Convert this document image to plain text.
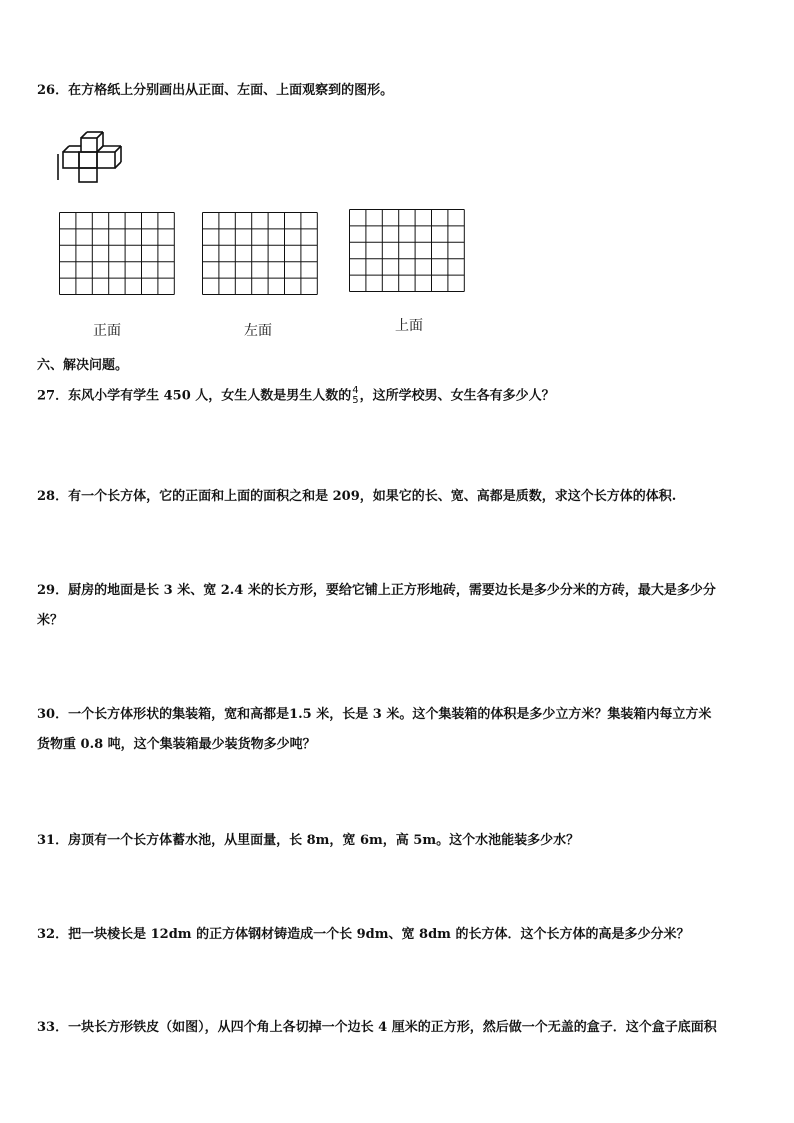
26．在方格纸上分别画出从正面、左面、上面观察到的图形。
正面	左面	上面
六、解决问题。
27．东风小学有学生 450 人，女生人数是男生人数的 4
5 ，这所学校男、女生各有多少人？
28．有一个长方体，它的正面和上面的面积之和是 209，如果它的长、宽、高都是质数，求这个长方体的体积.
29．厨房的地面是长 3 米、宽 2.4 米的长方形，要给它铺上正方形地砖，需要边长是多少分米的方砖，最大是多少分
米？
30．一个长方体形状的集装箱，宽和高都是1.5 米，长是 3 米。这个集装箱的体积是多少立方米？集装箱内每立方米
货物重 0.8 吨，这个集装箱最少装货物多少吨？
31．房顶有一个长方体蓄水池，从里面量，长 8m，宽 6m，高 5m。这个水池能装多少水？
32．把一块棱长是 12dm 的正方体钢材铸造成一个长 9dm、宽 8dm 的长方体．这个长方体的高是多少分米？
33．一块长方形铁皮（如图），从四个角上各切掉一个边长 4 厘米的正方形，然后做一个无盖的盒子．这个盒子底面积
